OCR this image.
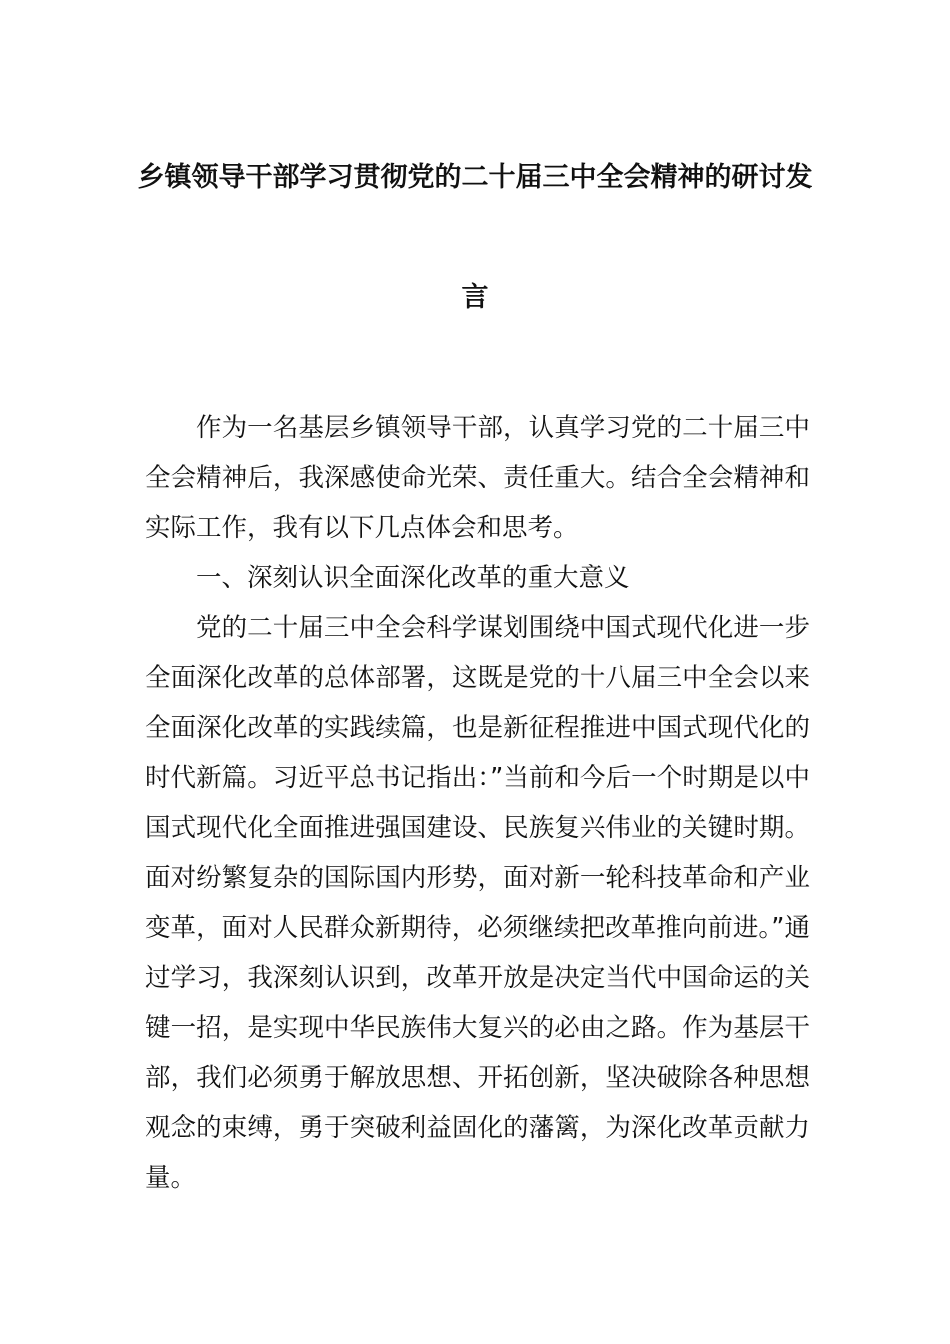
乡镇领导干部学习贯彻党的二十届三中全会精神的研讨发
言

作为一名基层乡镇领导干部，认真学习党的二十届三中全会精神后，我深感使命光荣、责任重大。结合全会精神和实际工作，我有以下几点体会和思考。

一、深刻认识全面深化改革的重大意义

党的二十届三中全会科学谋划围绕中国式现代化进一步全面深化改革的总体部署，这既是党的十八届三中全会以来全面深化改革的实践续篇，也是新征程推进中国式现代化的时代新篇。习近平总书记指出：”当前和今后一个时期是以中国式现代化全面推进强国建设、民族复兴伟业的关键时期。面对纷繁复杂的国际国内形势，面对新一轮科技革命和产业变革，面对人民群众新期待，必须继续把改革推向前进。”通过学习，我深刻认识到，改革开放是决定当代中国命运的关键一招，是实现中华民族伟大复兴的必由之路。作为基层干部，我们必须勇于解放思想、开拓创新，坚决破除各种思想观念的束缚，勇于突破利益固化的藩篱，为深化改革贡献力量。
